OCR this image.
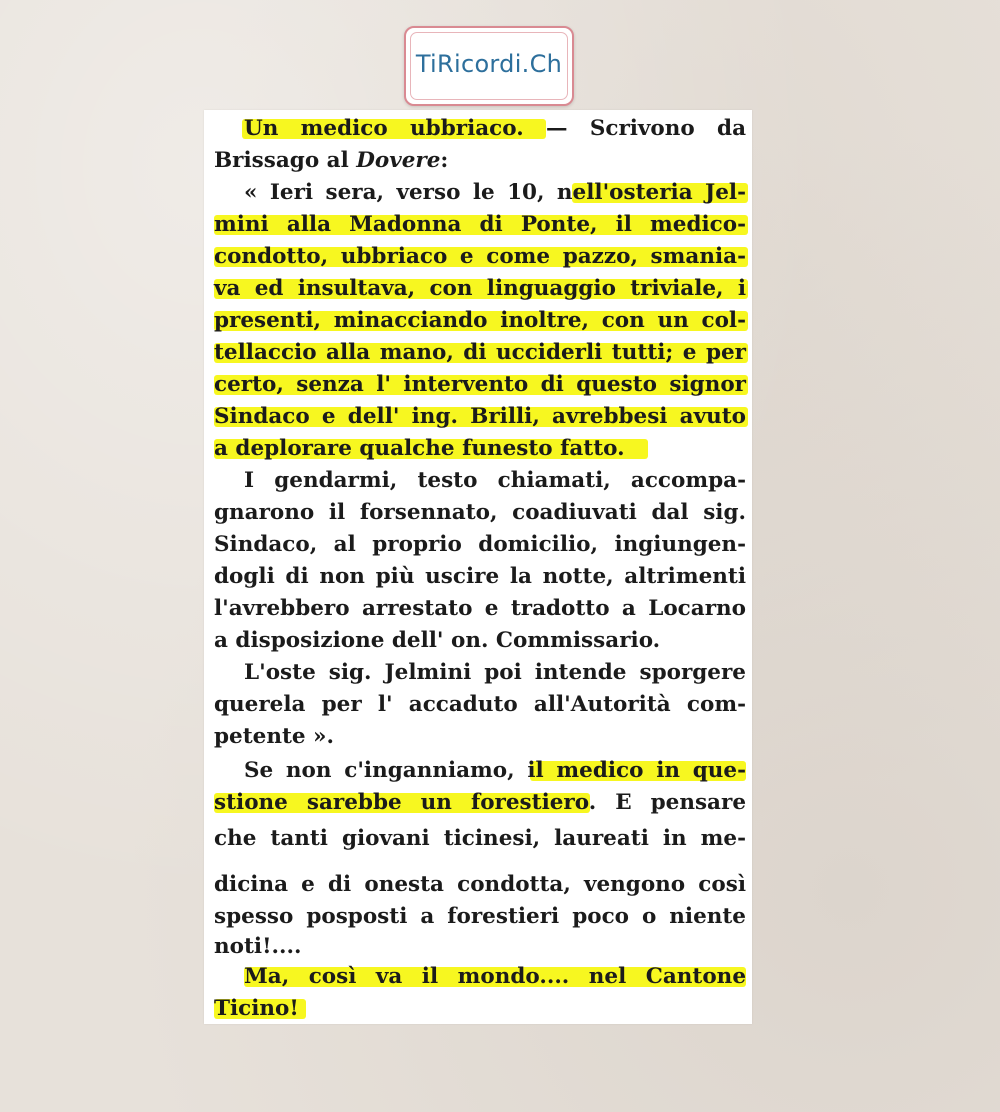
TiRicordi.Ch
Un medico ubbriaco. — Scrivono da
Brissago al Dovere:
« Ieri sera, verso le 10, nell'osteria Jel-
mini alla Madonna di Ponte, il medico-
condotto, ubbriaco e come pazzo, smania-
va ed insultava, con linguaggio triviale, i
presenti, minacciando inoltre, con un col-
tellaccio alla mano, di ucciderli tutti; e per
certo, senza l' intervento di questo signor
Sindaco e dell' ing. Brilli, avrebbesi avuto
a deplorare qualche funesto fatto.
I gendarmi, testo chiamati, accompa-
gnarono il forsennato, coadiuvati dal sig.
Sindaco, al proprio domicilio, ingiungen-
dogli di non più uscire la notte, altrimenti
l'avrebbero arrestato e tradotto a Locarno
a disposizione dell' on. Commissario.
L'oste sig. Jelmini poi intende sporgere
querela per l' accaduto all'Autorità com-
petente ».
Se non c'inganniamo, il medico in que-
stione sarebbe un forestiero. E pensare
che tanti giovani ticinesi, laureati in me-
dicina e di onesta condotta, vengono così
spesso posposti a forestieri poco o niente
noti!....
Ma, così va il mondo.... nel Cantone
Ticino!
